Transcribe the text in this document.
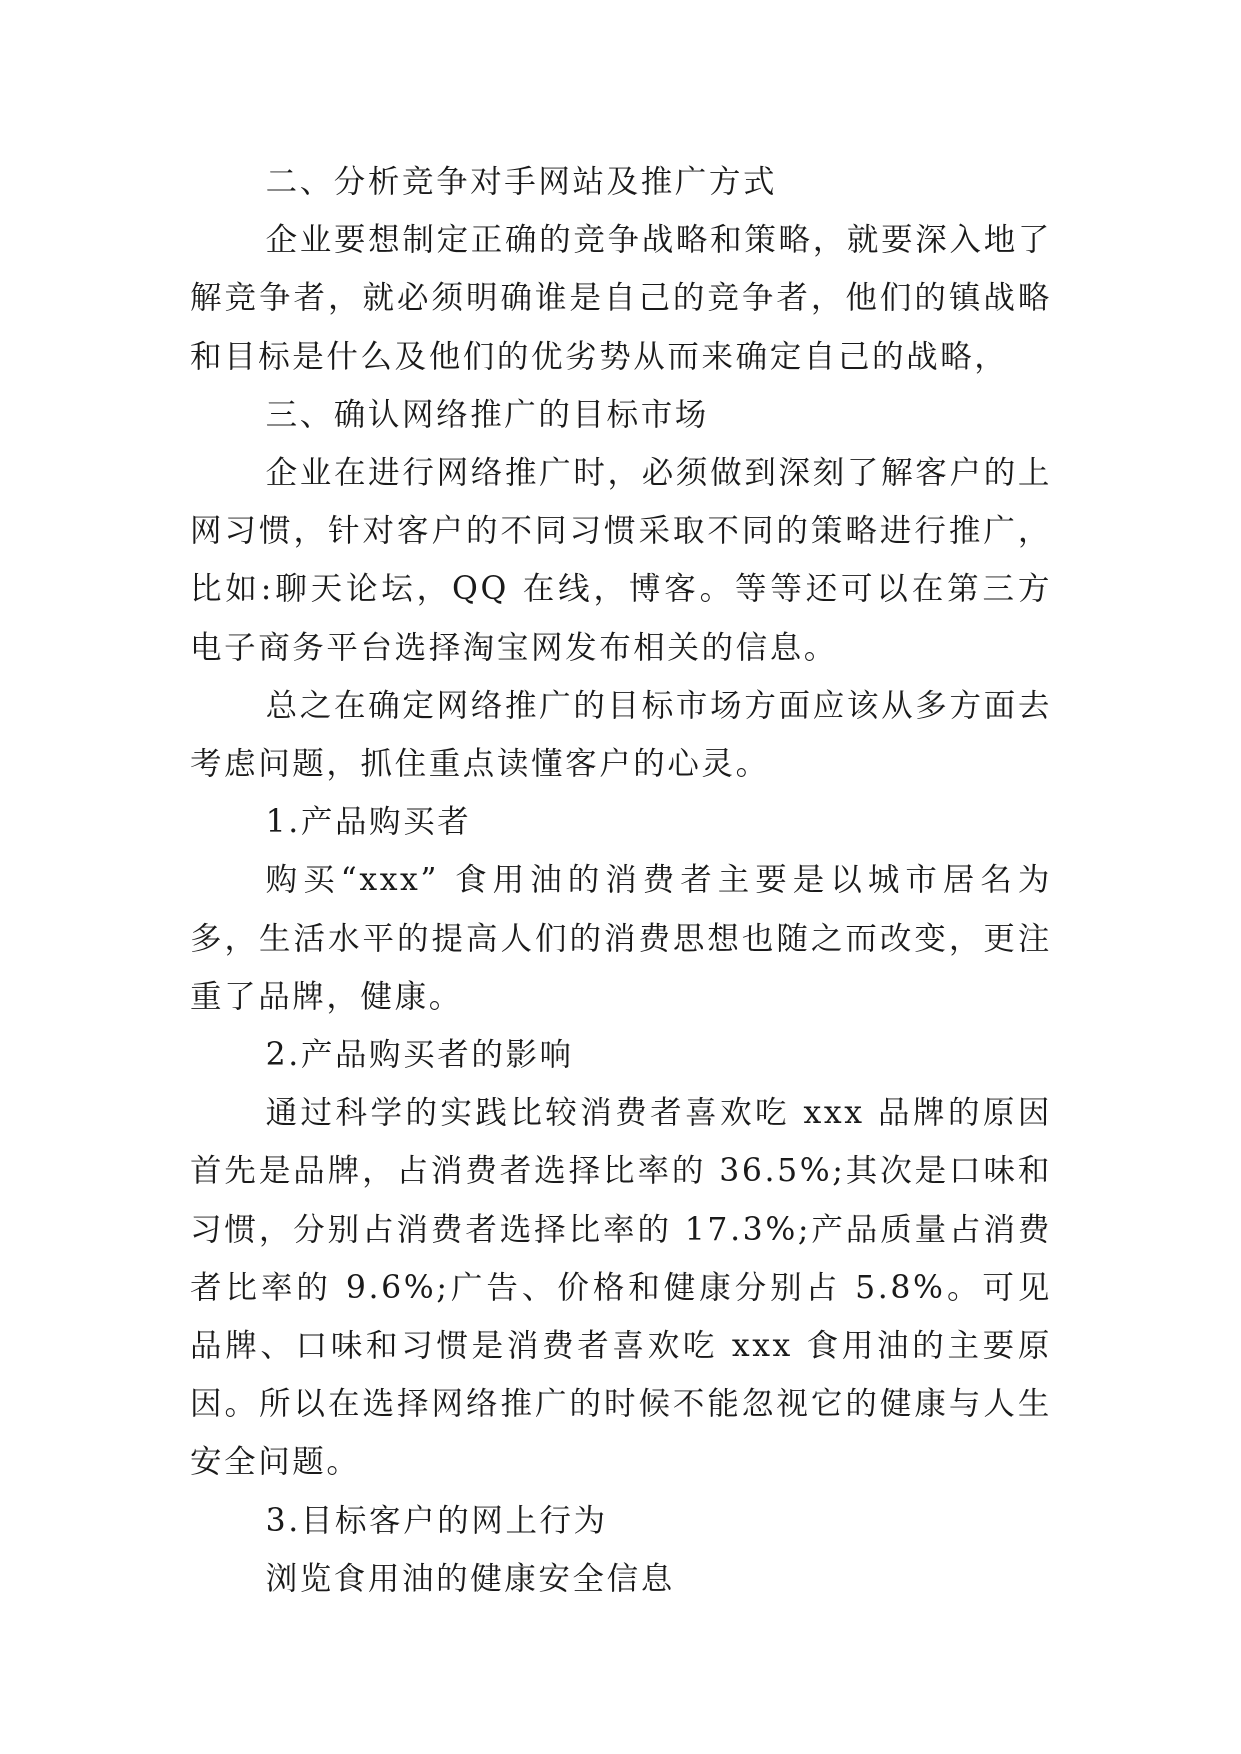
二、分析竞争对手网站及推广方式

企业要想制定正确的竞争战略和策略，就要深入地了解竞争者，就必须明确谁是自己的竞争者，他们的镇战略和目标是什么及他们的优劣势从而来确定自己的战略，

三、确认网络推广的目标市场

企业在进行网络推广时，必须做到深刻了解客户的上网习惯，针对客户的不同习惯采取不同的策略进行推广，比如:聊天论坛，QQ 在线，博客。等等还可以在第三方电子商务平台选择淘宝网发布相关的信息。

总之在确定网络推广的目标市场方面应该从多方面去考虑问题，抓住重点读懂客户的心灵。

1.产品购买者

购买“xxx” 食用油的消费者主要是以城市居名为多，生活水平的提高人们的消费思想也随之而改变，更注重了品牌，健康。

2.产品购买者的影响

通过科学的实践比较消费者喜欢吃 xxx 品牌的原因首先是品牌，占消费者选择比率的 36.5%;其次是口味和习惯，分别占消费者选择比率的 17.3%;产品质量占消费者比率的 9.6%;广告、价格和健康分别占 5.8%。可见品牌、口味和习惯是消费者喜欢吃 xxx 食用油的主要原因。所以在选择网络推广的时候不能忽视它的健康与人生安全问题。

3.目标客户的网上行为

浏览食用油的健康安全信息
